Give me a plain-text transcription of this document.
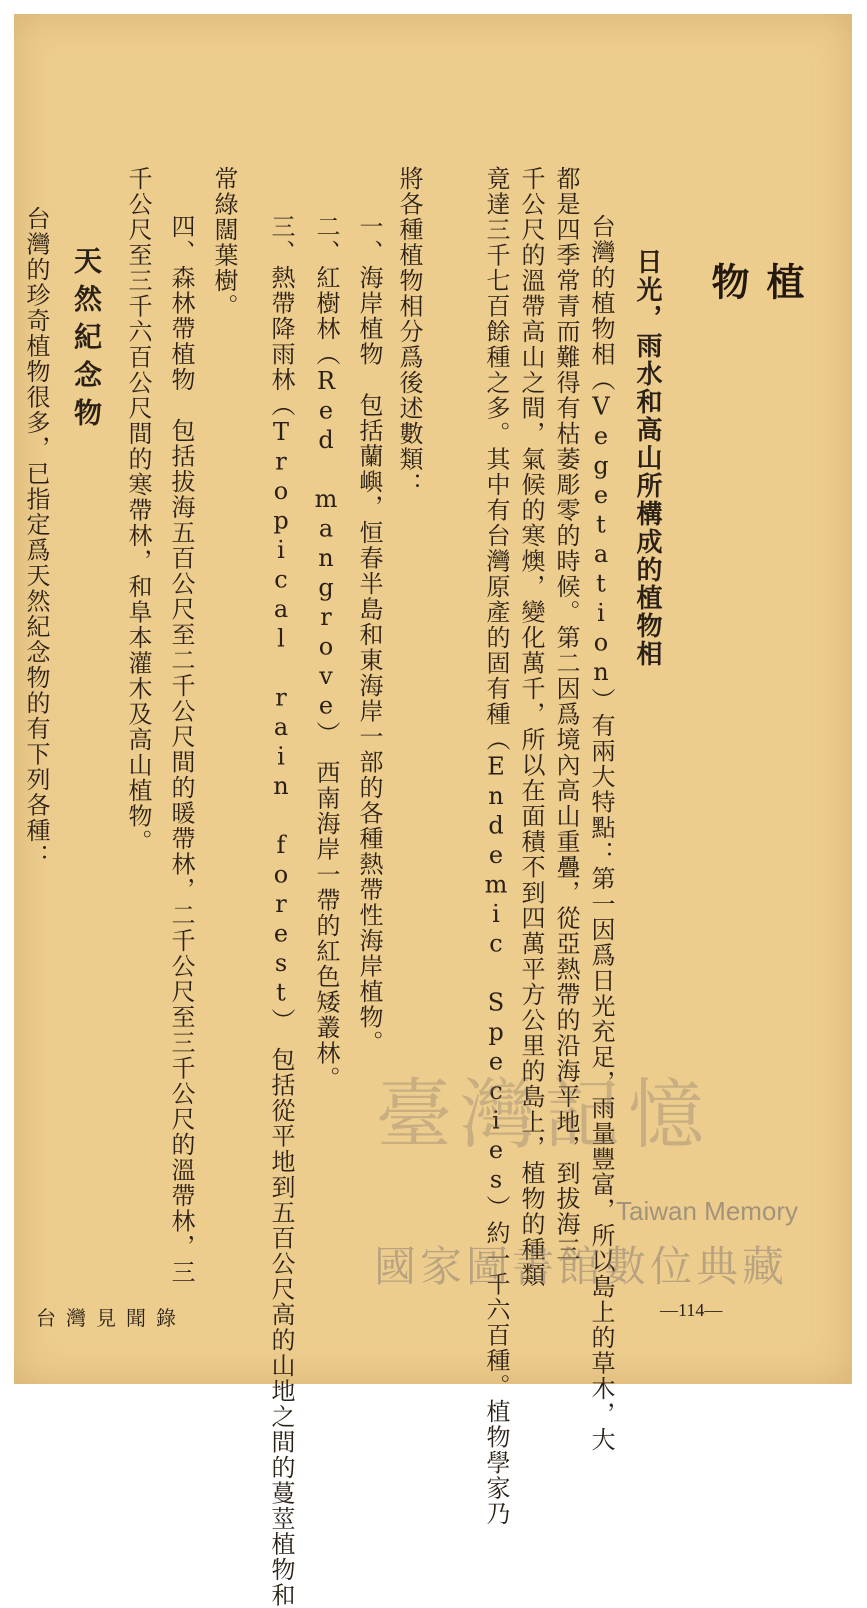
植
物
日光，雨水和高山所構成的植物相
台灣的植物相（Vegetation）有兩大特點：第一因爲日光充足，雨量豐富，所以島上的草木，大
都是四季常青而難得有枯萎彫零的時候。第二因爲境內高山重疊，從亞熱帶的沿海平地，到拔海三
千公尺的溫帶高山之間，氣候的寒燠，變化萬千，所以在面積不到四萬平方公里的島上，植物的種類
竟達三千七百餘種之多。其中有台灣原產的固有種（Endemic Species）約一千六百種。植物學家乃
將各種植物相分爲後述數類：
一、海岸植物　包括蘭嶼，恒春半島和東海岸一部的各種熱帶性海岸植物。
二、紅樹林（Red mangrove）　西南海岸一帶的紅色矮叢林。
三、熱帶降雨林（Tropical rain forest）　包括從平地到五百公尺高的山地之間的蔓莖植物和
常綠闊葉樹。
四、森林帶植物　包括拔海五百公尺至二千公尺間的暖帶林，二千公尺至三千公尺的溫帶林，三
千公尺至三千六百公尺間的寒帶林，和阜本灌木及高山植物。
天然紀念物
台灣的珍奇植物很多，已指定爲天然紀念物的有下列各種：
台灣見聞錄	—114—
臺灣記憶
Taiwan Memory
國家圖書館數位典藏
